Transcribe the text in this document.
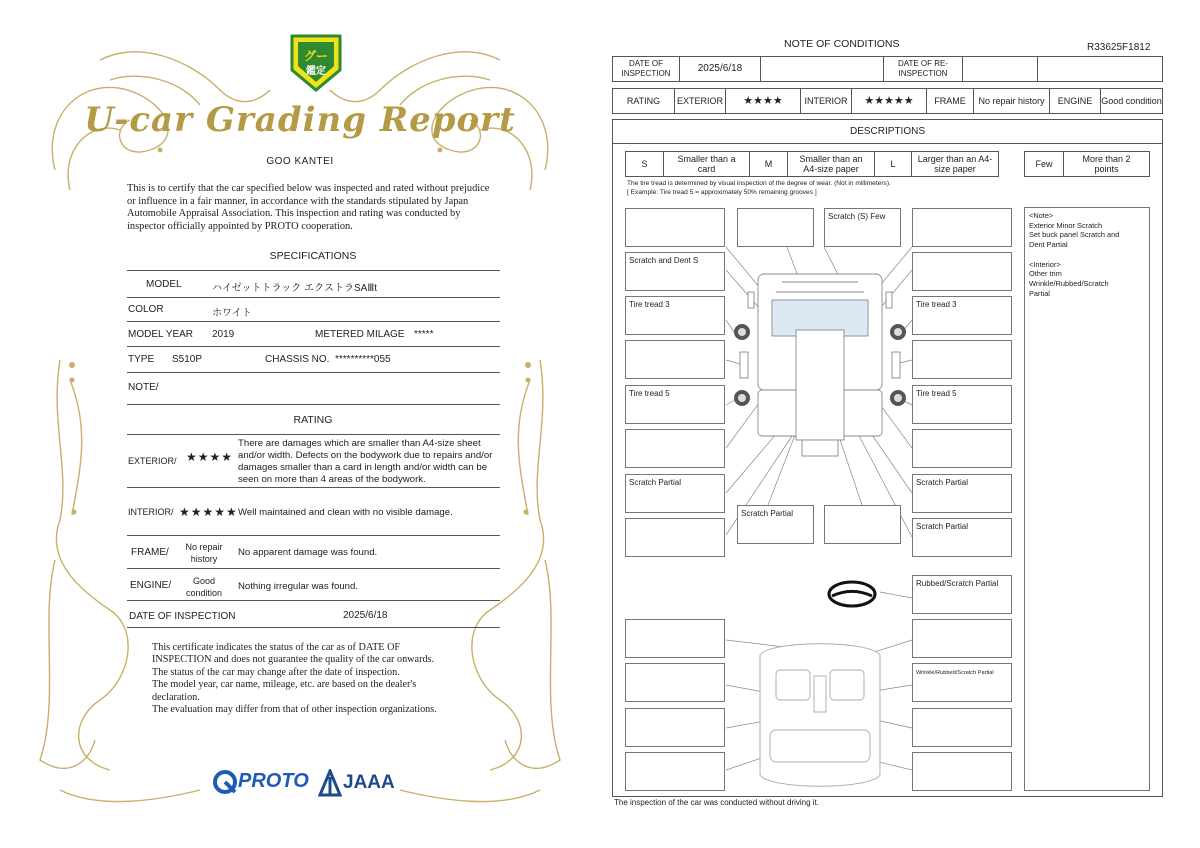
グー
鑑定
U-car Grading Report
GOO KANTEI
This is to certify that the car specified below was inspected and rated without prejudice or influence in a fair manner, in accordance with the standards stipulated by Japan Automobile Appraisal Association. This inspection and rating was conducted by inspector officially appointed by PROTO cooperation.
SPECIFICATIONS
MODEL	ハイゼットトラック エクストラSAⅢt
COLOR	ホワイト
MODEL YEAR 2019	METERED MILAGE *****
TYPE S510P	CHASSIS NO. **********055
NOTE/
RATING
EXTERIOR/ ★★★★
There are damages which are smaller than A4-size sheet and/or width. Defects on the bodywork due to repairs and/or damages smaller than a card in length and/or width can be seen on more than 4 areas of the bodywork.
INTERIOR/ ★★★★★ Well maintained and clean with no visible damage.
FRAME/	No repair history
No apparent damage was found.
ENGINE/	Good condition
Nothing irregular was found.
DATE OF INSPECTION	2025/6/18
This certificate indicates the status of the car as of DATE OF
INSPECTION and does not guarantee the quality of the car onwards.
The status of the car may change after the date of inspection.
The model year, car name, mileage, etc. are based on the dealer's
declaration.
The evaluation may differ from that of other inspection organizations.
PROTO JAAA
NOTE OF CONDITIONS	R33625F1812
DATE OF INSPECTION	2025/6/18	DATE OF RE-INSPECTION
RATING	EXTERIOR	★★★★	INTERIOR	★★★★★	FRAME	No repair history	ENGINE Good condition
DESCRIPTIONS
S	Smaller than a card	M	Smaller than an A4-size paper	L	Larger than an A4-size paper	Few	More than 2 points
The tire tread is determined by visual inspection of the degree of wear. (Not in millimeters).
[ Example: Tire tread 5 = approximately 50% remaining grooves ]
Scratch and Dent S
Tire tread 3
Tire tread 5
Scratch Partial
Scratch (S) Few
Scratch Partial
Tire tread 3
Tire tread 5
Scratch Partial
Scratch Partial
Rubbed/Scratch Partial
Wrinkle/Rubbed/Scratch Partial
<Note>
Exterior Minor Scratch
Set buck panel Scratch and
Dent Partial
<Interior>
Other trim
Wrinkle/Rubbed/Scratch
Partial
The inspection of the car was conducted without driving it.
